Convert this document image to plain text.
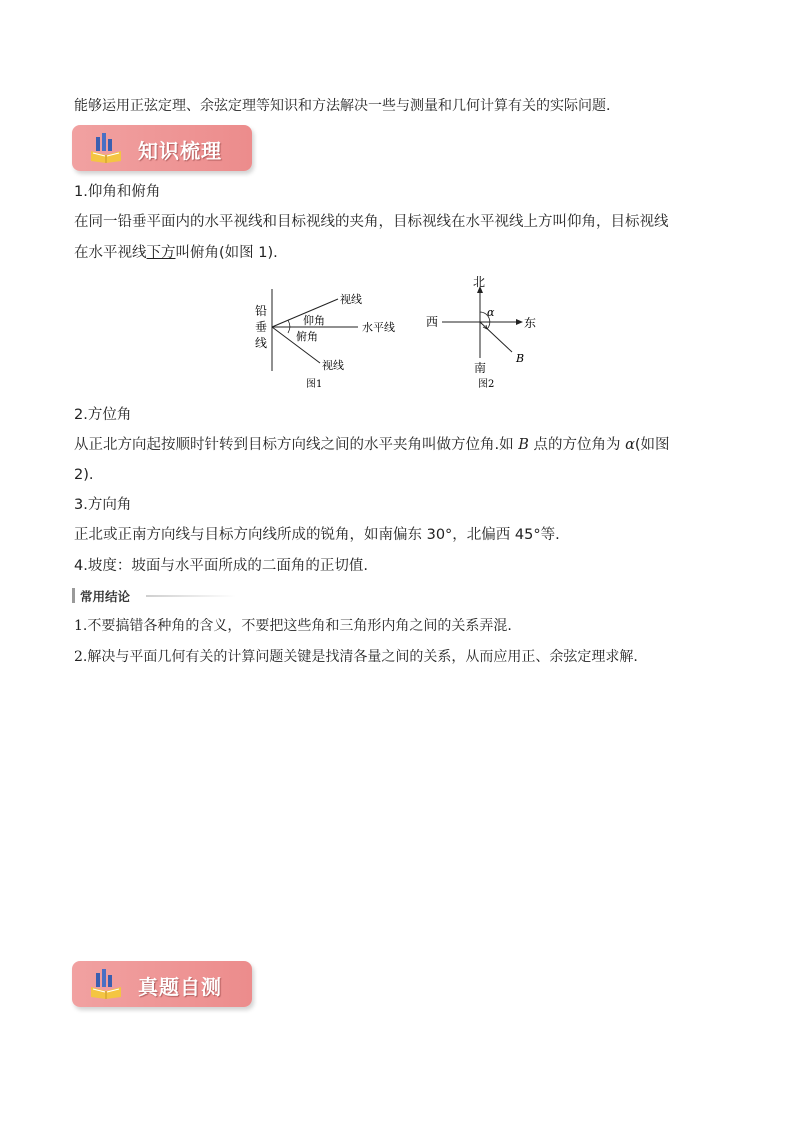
能够运用正弦定理、余弦定理等知识和方法解决一些与测量和几何计算有关的实际问题.
知识梳理
1.仰角和俯角
在同一铅垂平面内的水平视线和目标视线的夹角，目标视线在水平视线上方叫仰角，目标视线
在水平视线下方叫俯角(如图 1).
铅
垂
线
视线
仰角
水平线
俯角
视线
图1
北
西	东
南
α
B
图2
2.方位角
从正北方向起按顺时针转到目标方向线之间的水平夹角叫做方位角.如 B 点的方位角为 α(如图
2).
3.方向角
正北或正南方向线与目标方向线所成的锐角，如南偏东 30°，北偏西 45°等.
4.坡度：坡面与水平面所成的二面角的正切值.
常用结论
1.不要搞错各种角的含义，不要把这些角和三角形内角之间的关系弄混.
2.解决与平面几何有关的计算问题关键是找清各量之间的关系，从而应用正、余弦定理求解.
真题自测
